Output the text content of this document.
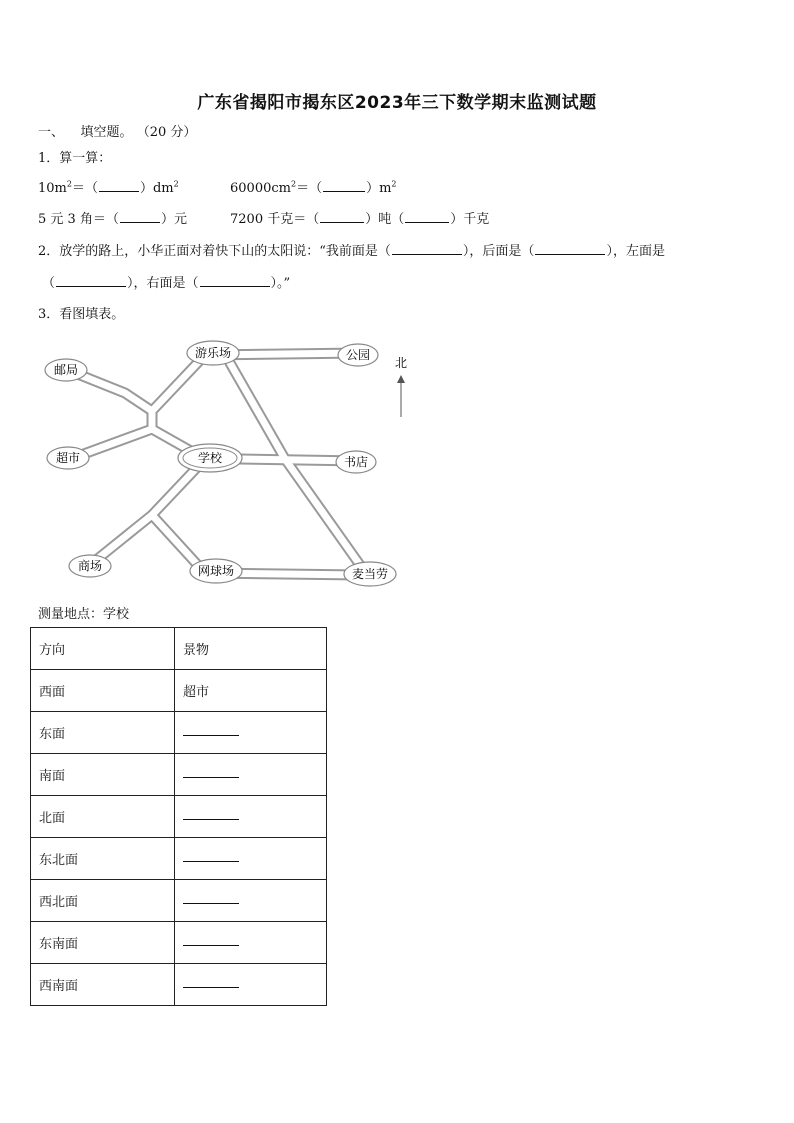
广东省揭阳市揭东区2023年三下数学期末监测试题
一、 填空题。 （20 分）
1．算一算：
$10m^2=$（	）$dm^2$	$60000cm^2=$（	）$m^2$
5 元 3 角＝（	）元	7200 千克＝（	）吨（	）千克
2．放学的路上，小华正面对着快下山的太阳说：“我前面是（	），后面是（	），左面是
（	），右面是（	）。”
3．看图填表。
邮局
游乐场	公园
超市	学校	书店
商场	网球场	麦当劳
北
测量地点：学校
方向	景物
西面	超市
东面	
南面	
北面	
东北面	
西北面	
东南面	
西南面	
